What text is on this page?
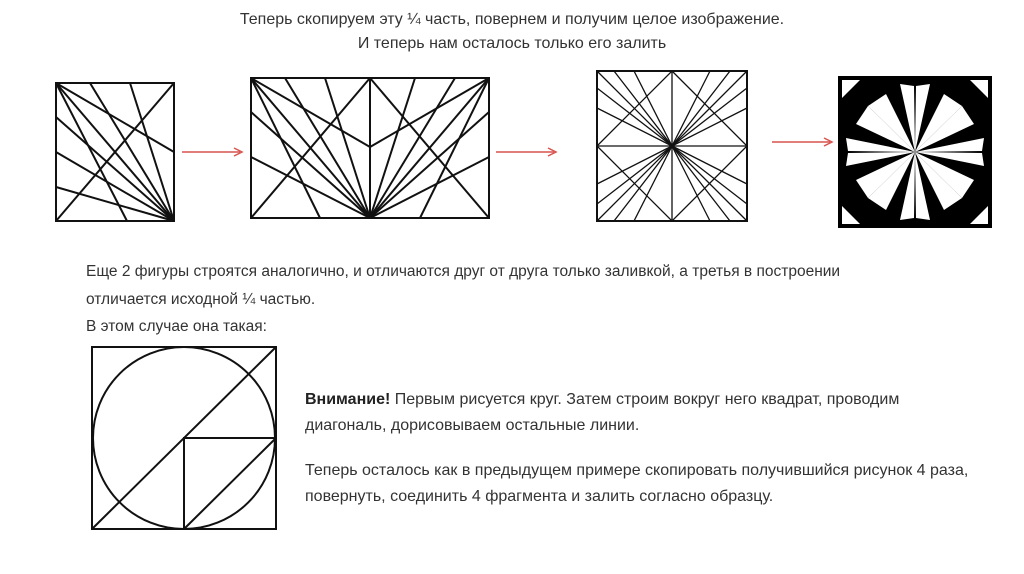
Теперь скопируем эту ¼ часть, повернем и получим целое изображение.
И теперь нам осталось только его залить
Еще 2 фигуры строятся аналогично, и отличаются друг от друга только заливкой, а третья в построении
отличается исходной ¼ частью.
В этом случае она такая:
Внимание! Первым рисуется круг. Затем строим вокруг него квадрат, проводим диагональ, дорисовываем остальные линии.
Теперь осталось как в предыдущем примере скопировать получившийся рисунок 4 раза, повернуть, соединить 4 фрагмента и залить согласно образцу.
